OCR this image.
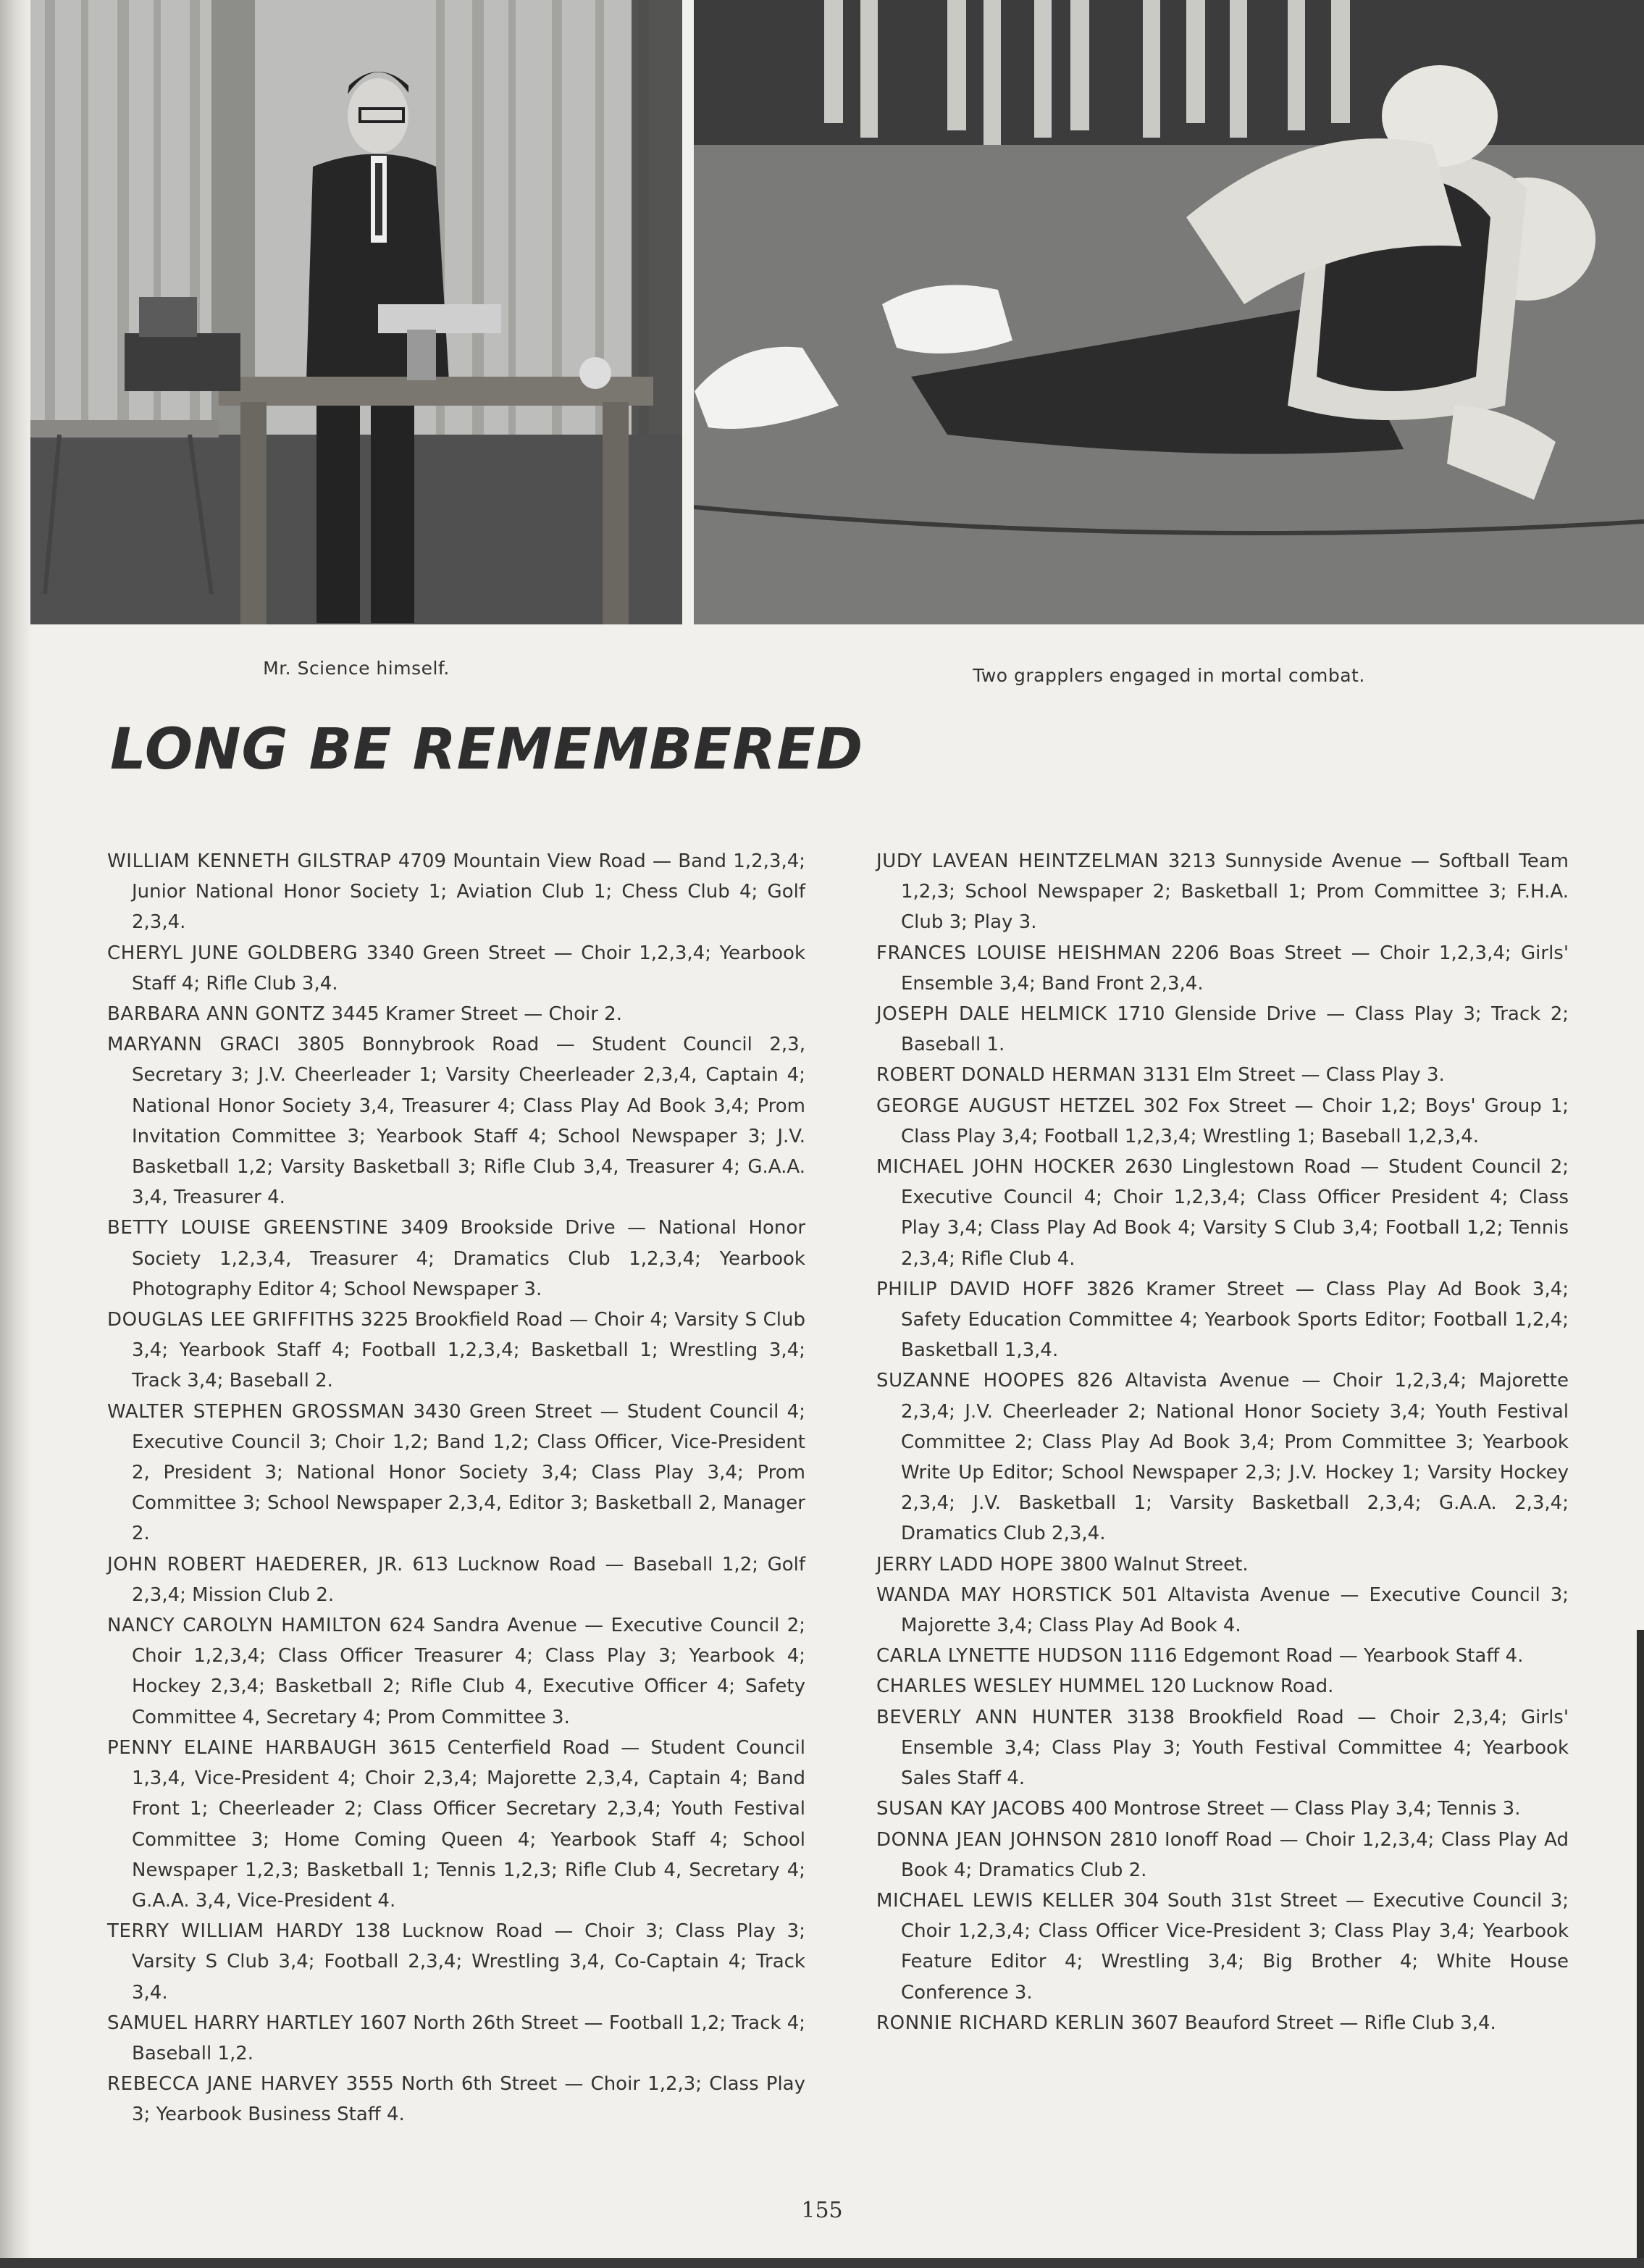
Mr. Science himself.	Two grapplers engaged in mortal combat.
LONG BE REMEMBERED

WILLIAM KENNETH GILSTRAP 4709 Mountain View Road — Band 1,2,3,4; Junior National Honor Society 1; Aviation Club 1; Chess Club 4; Golf 2,3,4.

CHERYL JUNE GOLDBERG 3340 Green Street — Choir 1,2,3,4; Yearbook Staff 4; Rifle Club 3,4.

BARBARA ANN GONTZ 3445 Kramer Street — Choir 2.

MARYANN GRACI 3805 Bonnybrook Road — Student Council 2,3, Secretary 3; J.V. Cheerleader 1; Varsity Cheerleader 2,3,4, Captain 4; National Honor Society 3,4, Treasurer 4; Class Play Ad Book 3,4; Prom Invitation Committee 3; Yearbook Staff 4; School Newspaper 3; J.V. Basketball 1,2; Varsity Basketball 3; Rifle Club 3,4, Treasurer 4; G.A.A. 3,4, Treasurer 4.

BETTY LOUISE GREENSTINE 3409 Brookside Drive — National Honor Society 1,2,3,4, Treasurer 4; Dramatics Club 1,2,3,4; Yearbook Photography Editor 4; School Newspaper 3.

DOUGLAS LEE GRIFFITHS 3225 Brookfield Road — Choir 4; Varsity S Club 3,4; Yearbook Staff 4; Football 1,2,3,4; Basketball 1; Wrestling 3,4; Track 3,4; Baseball 2.

WALTER STEPHEN GROSSMAN 3430 Green Street — Student Council 4; Executive Council 3; Choir 1,2; Band 1,2; Class Officer, Vice-President 2, President 3; National Honor Society 3,4; Class Play 3,4; Prom Committee 3; School Newspaper 2,3,4, Editor 3; Basketball 2, Manager 2.

JOHN ROBERT HAEDERER, JR. 613 Lucknow Road — Baseball 1,2; Golf 2,3,4; Mission Club 2.

NANCY CAROLYN HAMILTON 624 Sandra Avenue — Executive Council 2; Choir 1,2,3,4; Class Officer Treasurer 4; Class Play 3; Yearbook 4; Hockey 2,3,4; Basketball 2; Rifle Club 4, Executive Officer 4; Safety Committee 4, Secretary 4; Prom Committee 3.

PENNY ELAINE HARBAUGH 3615 Centerfield Road — Student Council 1,3,4, Vice-President 4; Choir 2,3,4; Majorette 2,3,4, Captain 4; Band Front 1; Cheerleader 2; Class Officer Secretary 2,3,4; Youth Festival Committee 3; Home Coming Queen 4; Yearbook Staff 4; School Newspaper 1,2,3; Basketball 1; Tennis 1,2,3; Rifle Club 4, Secretary 4; G.A.A. 3,4, Vice-President 4.

TERRY WILLIAM HARDY 138 Lucknow Road — Choir 3; Class Play 3; Varsity S Club 3,4; Football 2,3,4; Wrestling 3,4, Co-Captain 4; Track 3,4.

SAMUEL HARRY HARTLEY 1607 North 26th Street — Football 1,2; Track 4; Baseball 1,2.

REBECCA JANE HARVEY 3555 North 6th Street — Choir 1,2,3; Class Play 3; Yearbook Business Staff 4.

JUDY LAVEAN HEINTZELMAN 3213 Sunnyside Avenue — Softball Team 1,2,3; School Newspaper 2; Basketball 1; Prom Committee 3; F.H.A. Club 3; Play 3.

FRANCES LOUISE HEISHMAN 2206 Boas Street — Choir 1,2,3,4; Girls' Ensemble 3,4; Band Front 2,3,4.

JOSEPH DALE HELMICK 1710 Glenside Drive — Class Play 3; Track 2; Baseball 1.

ROBERT DONALD HERMAN 3131 Elm Street — Class Play 3.

GEORGE AUGUST HETZEL 302 Fox Street — Choir 1,2; Boys' Group 1; Class Play 3,4; Football 1,2,3,4; Wrestling 1; Baseball 1,2,3,4.

MICHAEL JOHN HOCKER 2630 Linglestown Road — Student Council 2; Executive Council 4; Choir 1,2,3,4; Class Officer President 4; Class Play 3,4; Class Play Ad Book 4; Varsity S Club 3,4; Football 1,2; Tennis 2,3,4; Rifle Club 4.

PHILIP DAVID HOFF 3826 Kramer Street — Class Play Ad Book 3,4; Safety Education Committee 4; Yearbook Sports Editor; Football 1,2,4; Basketball 1,3,4.

SUZANNE HOOPES 826 Altavista Avenue — Choir 1,2,3,4; Majorette 2,3,4; J.V. Cheerleader 2; National Honor Society 3,4; Youth Festival Committee 2; Class Play Ad Book 3,4; Prom Committee 3; Yearbook Write Up Editor; School Newspaper 2,3; J.V. Hockey 1; Varsity Hockey 2,3,4; J.V. Basketball 1; Varsity Basketball 2,3,4; G.A.A. 2,3,4; Dramatics Club 2,3,4.

JERRY LADD HOPE 3800 Walnut Street.

WANDA MAY HORSTICK 501 Altavista Avenue — Executive Council 3; Majorette 3,4; Class Play Ad Book 4.

CARLA LYNETTE HUDSON 1116 Edgemont Road — Yearbook Staff 4.

CHARLES WESLEY HUMMEL 120 Lucknow Road.

BEVERLY ANN HUNTER 3138 Brookfield Road — Choir 2,3,4; Girls' Ensemble 3,4; Class Play 3; Youth Festival Committee 4; Yearbook Sales Staff 4.

SUSAN KAY JACOBS 400 Montrose Street — Class Play 3,4; Tennis 3.

DONNA JEAN JOHNSON 2810 Ionoff Road — Choir 1,2,3,4; Class Play Ad Book 4; Dramatics Club 2.

MICHAEL LEWIS KELLER 304 South 31st Street — Executive Council 3; Choir 1,2,3,4; Class Officer Vice-President 3; Class Play 3,4; Yearbook Feature Editor 4; Wrestling 3,4; Big Brother 4; White House Conference 3.

RONNIE RICHARD KERLIN 3607 Beauford Street — Rifle Club 3,4.

155
